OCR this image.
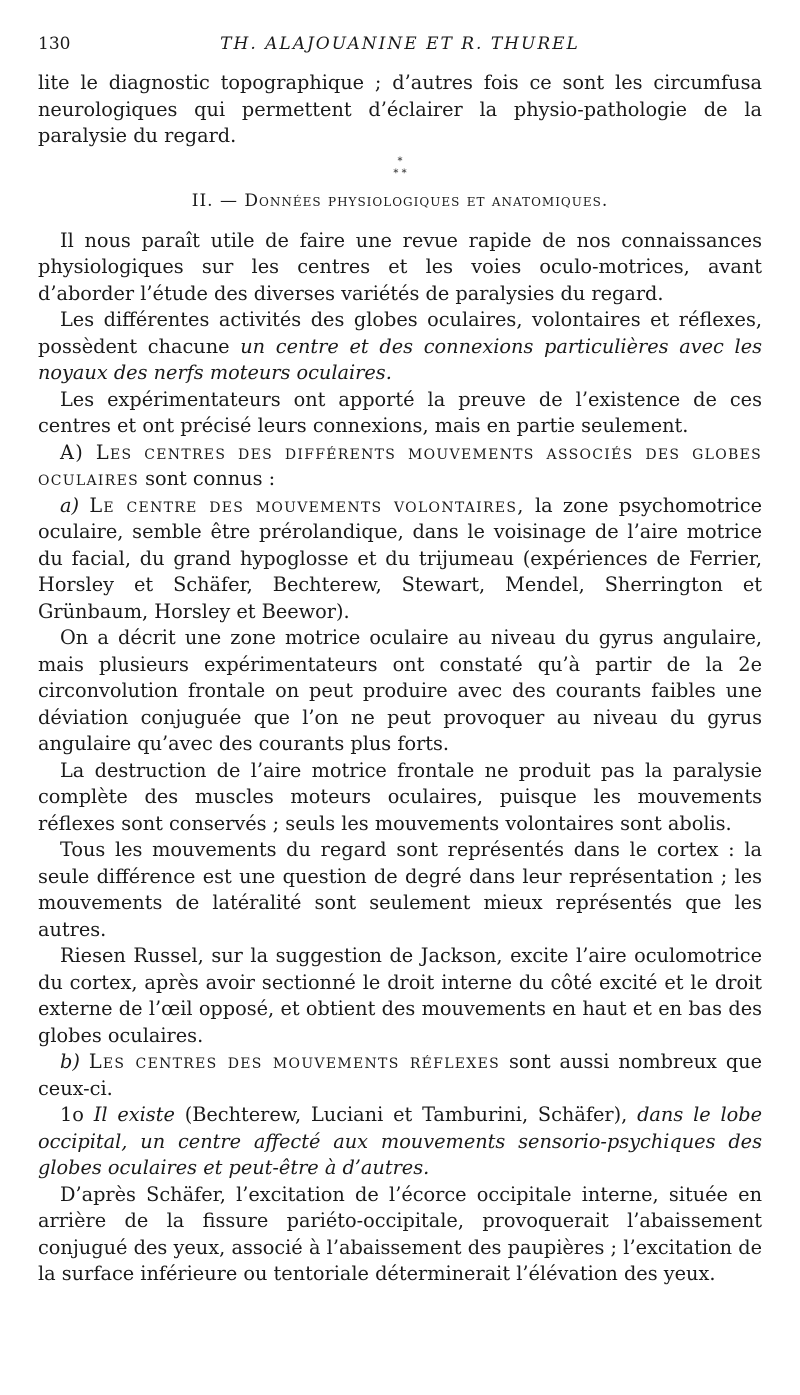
130	TH. ALAJOUANINE ET R. THUREL

lite le diagnostic topographique ; d’autres fois ce sont les circumfusa neurologiques qui permettent d’éclairer la physio-pathologie de la paralysie du regard.

*
* *
II. — Données physiologiques et anatomiques.

Il nous paraît utile de faire une revue rapide de nos connaissances physiologiques sur les centres et les voies oculo-motrices, avant d’aborder l’étude des diverses variétés de paralysies du regard.

Les différentes activités des globes oculaires, volontaires et réflexes, possèdent chacune un centre et des connexions particulières avec les noyaux des nerfs moteurs oculaires.

Les expérimentateurs ont apporté la preuve de l’existence de ces centres et ont précisé leurs connexions, mais en partie seulement.

A) Les centres des différents mouvements associés des globes oculaires sont connus :

a) Le centre des mouvements volontaires, la zone psychomotrice oculaire, semble être prérolandique, dans le voisinage de l’aire motrice du facial, du grand hypoglosse et du trijumeau (expériences de Ferrier, Horsley et Schäfer, Bechterew, Stewart, Mendel, Sherrington et Grünbaum, Horsley et Beewor).

On a décrit une zone motrice oculaire au niveau du gyrus angulaire, mais plusieurs expérimentateurs ont constaté qu’à partir de la 2e circonvolution frontale on peut produire avec des courants faibles une déviation conjuguée que l’on ne peut provoquer au niveau du gyrus angulaire qu’avec des courants plus forts.

La destruction de l’aire motrice frontale ne produit pas la paralysie complète des muscles moteurs oculaires, puisque les mouvements réflexes sont conservés ; seuls les mouvements volontaires sont abolis.

Tous les mouvements du regard sont représentés dans le cortex : la seule différence est une question de degré dans leur représentation ; les mouvements de latéralité sont seulement mieux représentés que les autres.

Riesen Russel, sur la suggestion de Jackson, excite l’aire oculomotrice du cortex, après avoir sectionné le droit interne du côté excité et le droit externe de l’œil opposé, et obtient des mouvements en haut et en bas des globes oculaires.

b) Les centres des mouvements réflexes sont aussi nombreux que ceux-ci.

1o Il existe (Bechterew, Luciani et Tamburini, Schäfer), dans le lobe occipital, un centre affecté aux mouvements sensorio-psychiques des globes oculaires et peut-être à d’autres.

D’après Schäfer, l’excitation de l’écorce occipitale interne, située en arrière de la fissure pariéto-occipitale, provoquerait l’abaissement conjugué des yeux, associé à l’abaissement des paupières ; l’excitation de la surface inférieure ou tentoriale déterminerait l’élévation des yeux.
